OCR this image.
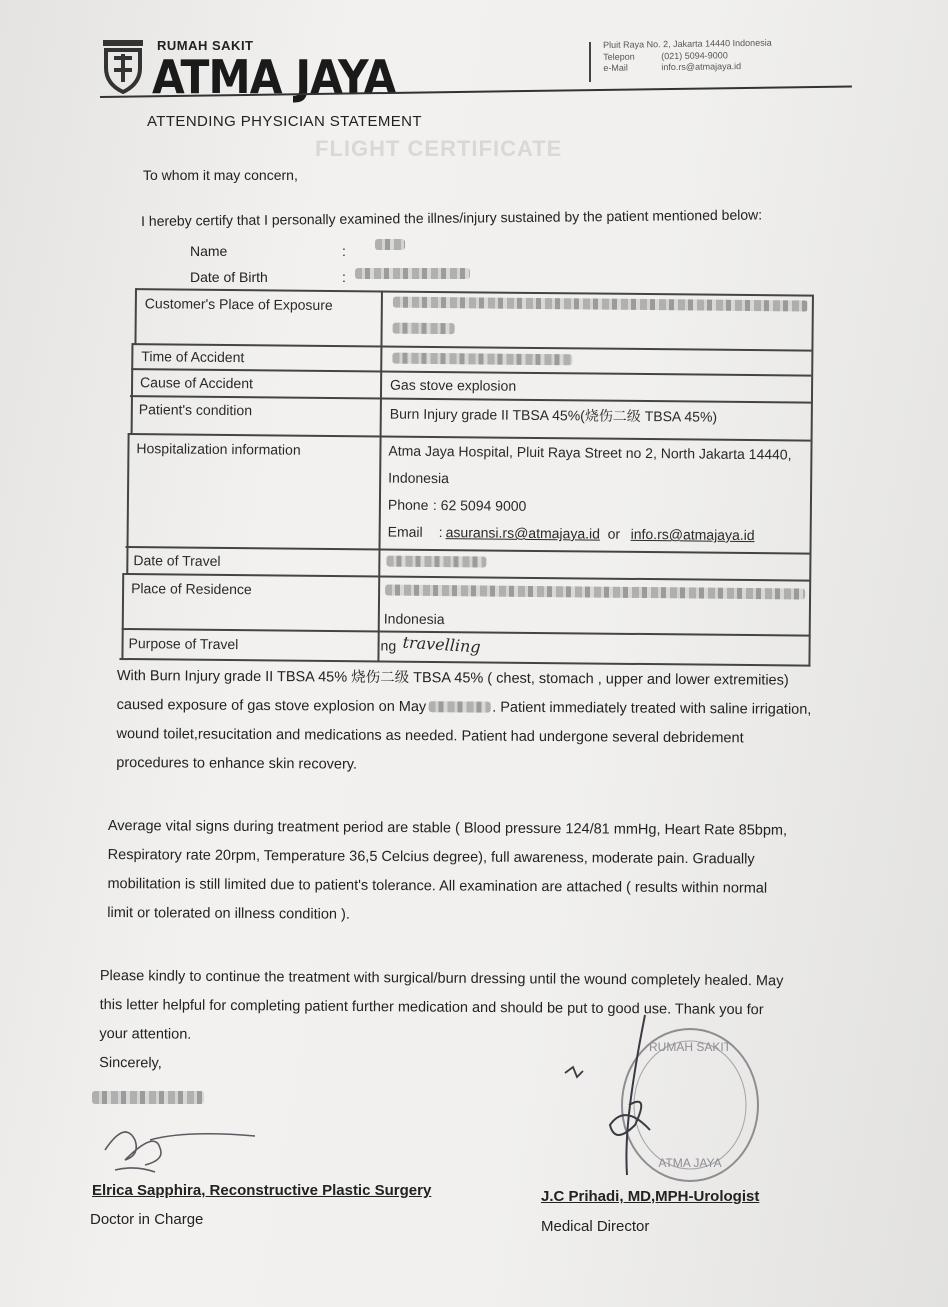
RUMAH SAKIT
ATMA JAYA
Pluit Raya No. 2, Jakarta 14440 Indonesia
Telepon	(021) 5094-9000
e-Mail	info.rs@atmajaya.id
ATTENDING PHYSICIAN STATEMENT
FLIGHT CERTIFICATE
To whom it may concern,
I hereby certify that I personally examined the illnes/injury sustained by the patient mentioned below:
Name	:
Date of Birth	:
Customer's Place of Exposure
Time of Accident
Cause of Accident	Gas stove explosion
Patient's condition	Burn Injury grade II TBSA 45%(烧伤二级 TBSA 45%)
Hospitalization information	Atma Jaya Hospital, Pluit Raya Street no 2, North Jakarta 14440,
Indonesia
Phone : 62 5094 9000
Email : asuransi.rs@atmajaya.id or info.rs@atmajaya.id
Date of Travel
Place of Residence
Indonesia
Purpose of Travel	ng travelling
With Burn Injury grade II TBSA 45% 烧伤二级 TBSA 45% ( chest, stomach , upper and lower extremities)
caused exposure of gas stove explosion on May	. Patient immediately treated with saline irrigation,
wound toilet,resucitation and medications as needed. Patient had undergone several debridement
procedures to enhance skin recovery.
Average vital signs during treatment period are stable ( Blood pressure 124/81 mmHg, Heart Rate 85bpm,
Respiratory rate 20rpm, Temperature 36,5 Celcius degree), full awareness, moderate pain. Gradually
mobilitation is still limited due to patient's tolerance. All examination are attached ( results within normal
limit or tolerated on illness condition ).
Please kindly to continue the treatment with surgical/burn dressing until the wound completely healed. May
this letter helpful for completing patient further medication and should be put to good use. Thank you for
your attention.
Sincerely,
Elrica Sapphira, Reconstructive Plastic Surgery
Doctor in Charge
RUMAH SAKIT
ATMA JAYA
J.C Prihadi, MD,MPH-Urologist
Medical Director
